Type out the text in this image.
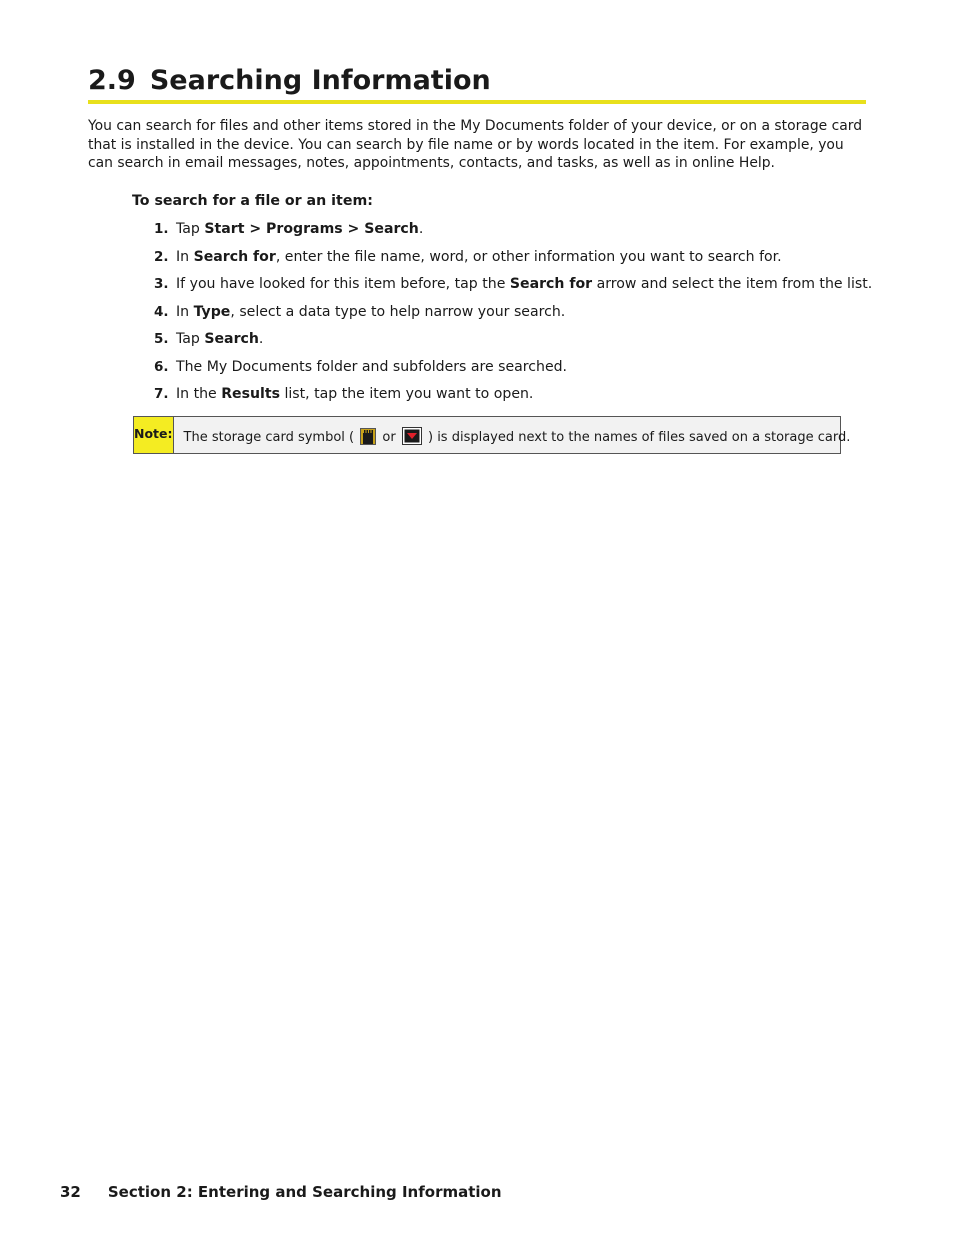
2.9 Searching Information

You can search for files and other items stored in the My Documents folder of your device, or on a storage card that is installed in the device. You can search by file name or by words located in the item. For example, you can search in email messages, notes, appointments, contacts, and tasks, as well as in online Help.

To search for a file or an item:

1. Tap Start > Programs > Search.
2. In Search for, enter the file name, word, or other information you want to search for.
3. If you have looked for this item before, tap the Search for arrow and select the item from the list.
4. In Type, select a data type to help narrow your search.
5. Tap Search.
6. The My Documents folder and subfolders are searched.
7. In the Results list, tap the item you want to open.
Note: The storage card symbol ( or ) is displayed next to the names of files saved on a storage card.
32 Section 2: Entering and Searching Information
